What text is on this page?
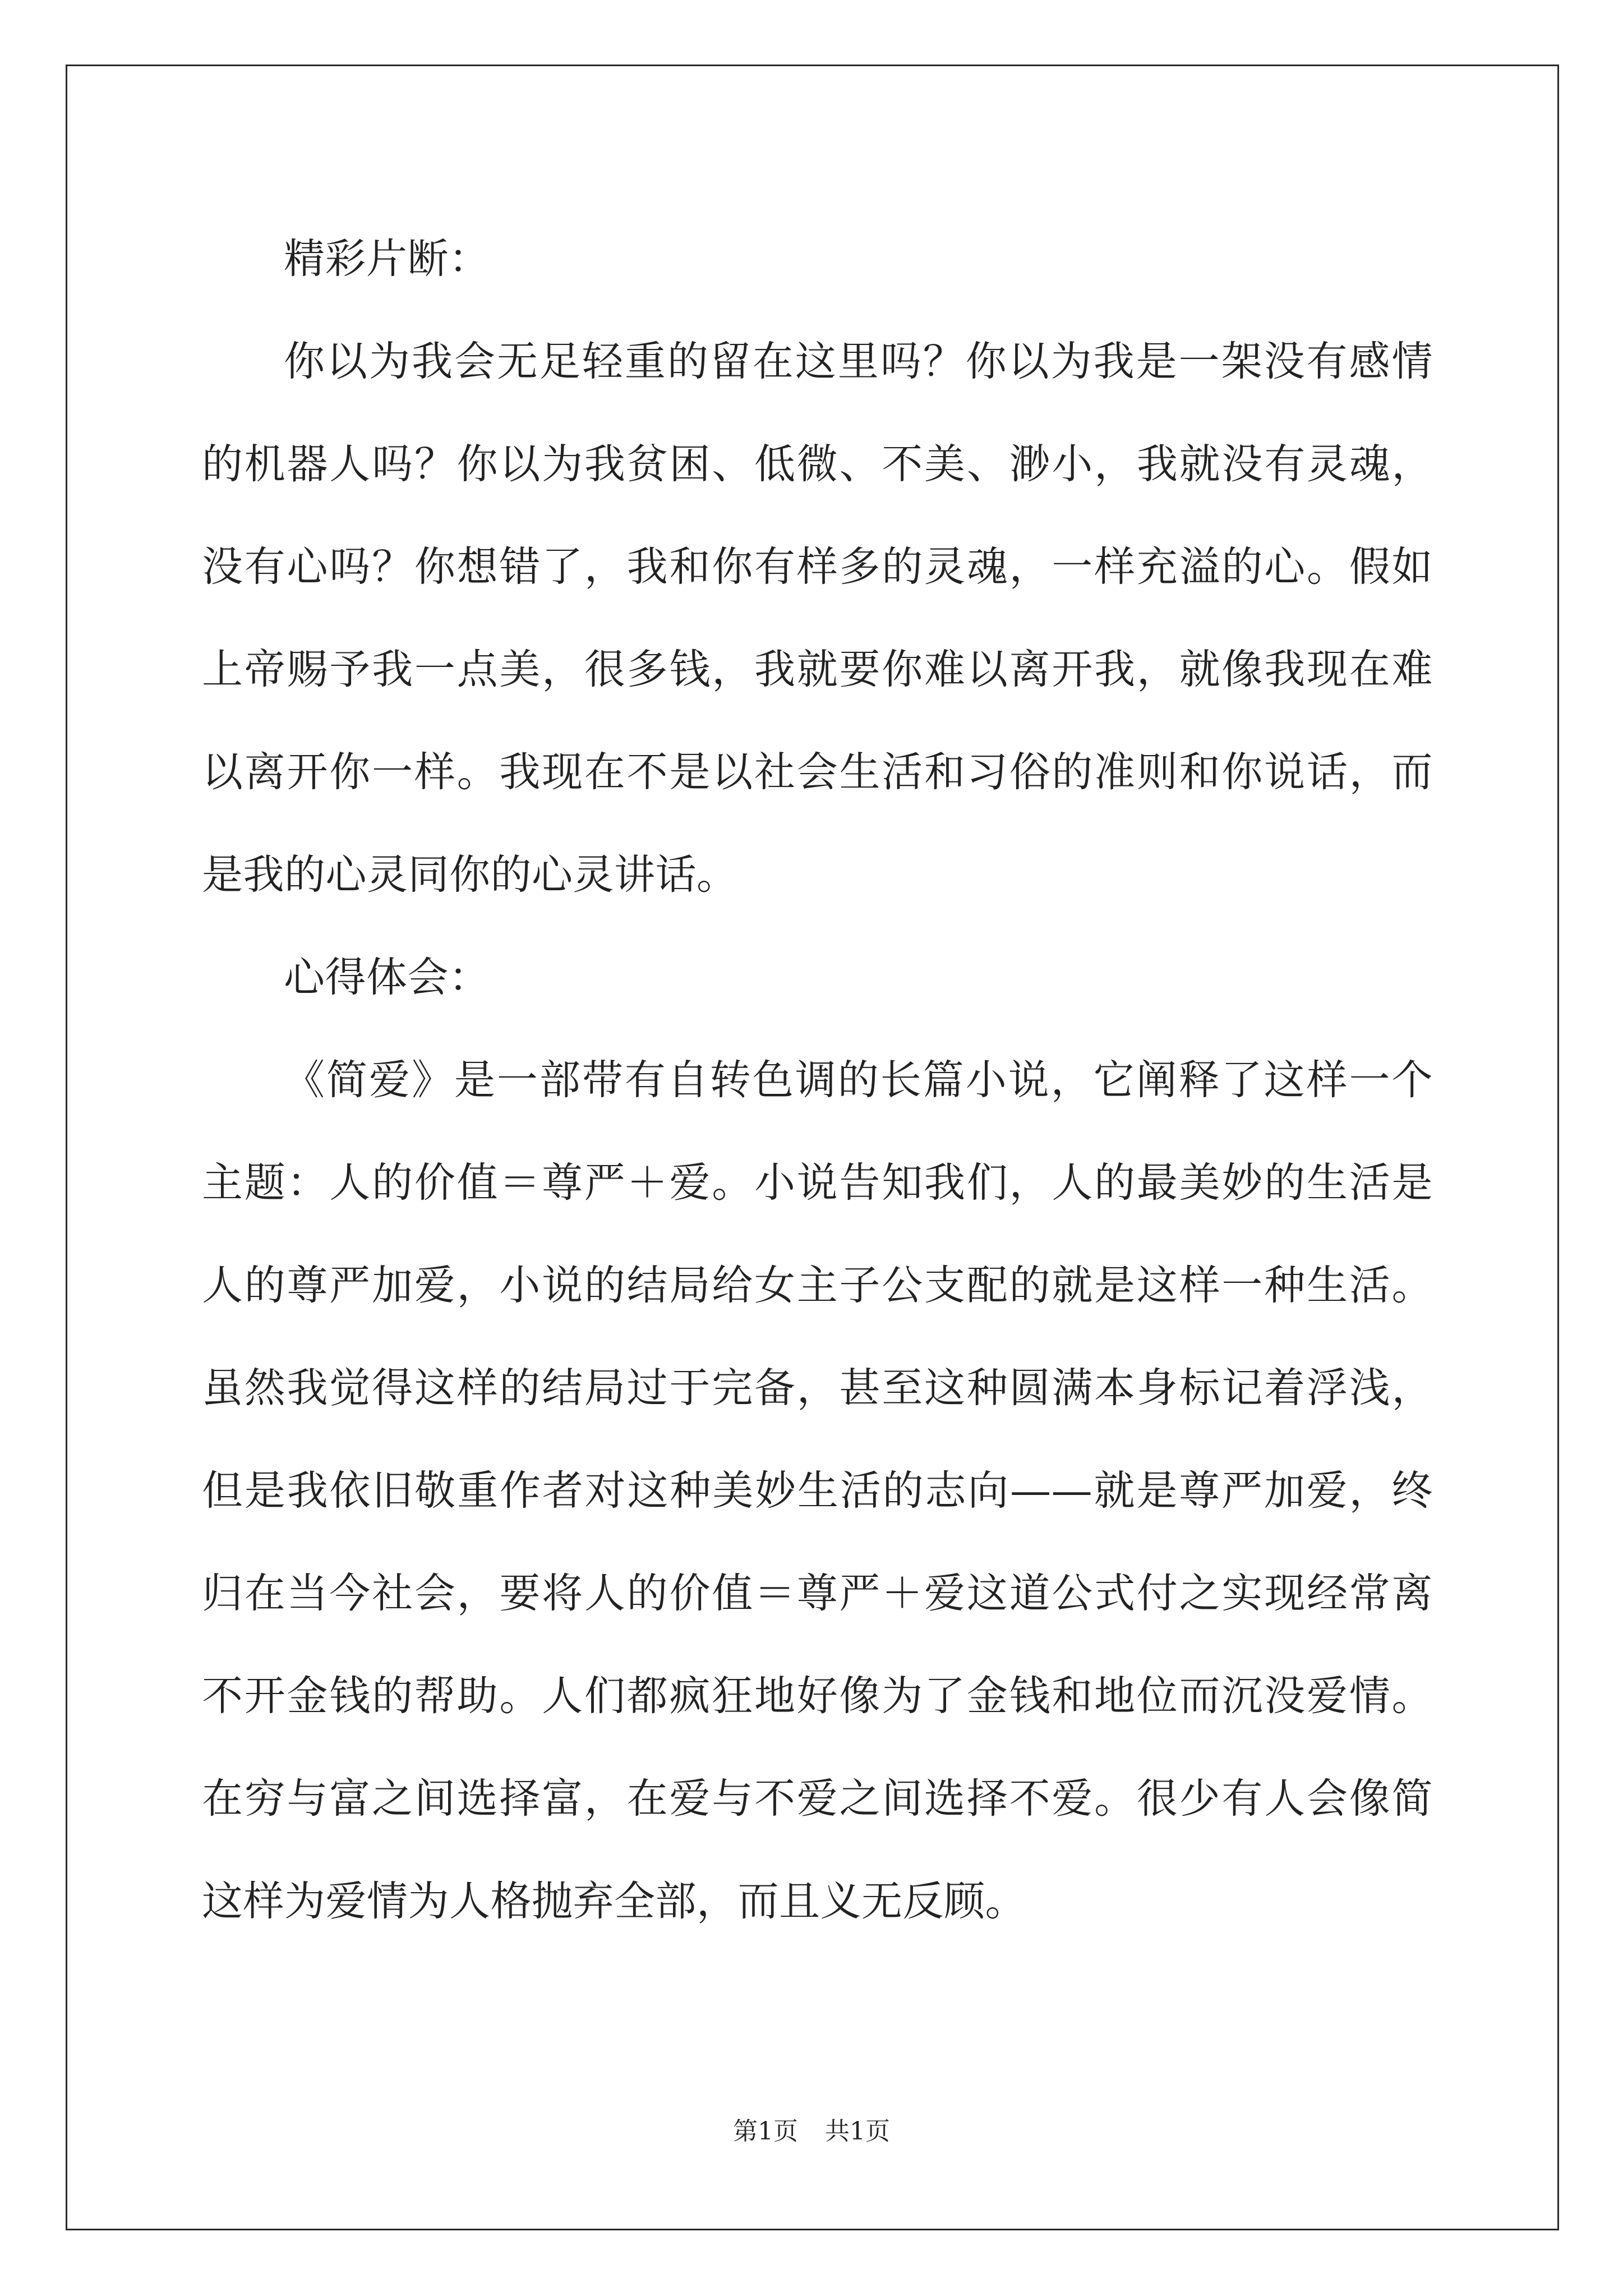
精彩片断：

你以为我会无足轻重的留在这里吗？你以为我是一架没有感情的机器人吗？你以为我贫困、低微、不美、渺小，我就没有灵魂，没有心吗？你想错了，我和你有样多的灵魂，一样充溢的心。假如上帝赐予我一点美，很多钱，我就要你难以离开我，就像我现在难以离开你一样。我现在不是以社会生活和习俗的准则和你说话，而是我的心灵同你的心灵讲话。

心得体会：

《简爱》是一部带有自转色调的长篇小说，它阐释了这样一个主题：人的价值＝尊严＋爱。小说告知我们，人的最美妙的生活是人的尊严加爱，小说的结局给女主子公支配的就是这样一种生活。虽然我觉得这样的结局过于完备，甚至这种圆满本身标记着浮浅，但是我依旧敬重作者对这种美妙生活的志向——就是尊严加爱，终归在当今社会，要将人的价值＝尊严＋爱这道公式付之实现经常离不开金钱的帮助。人们都疯狂地好像为了金钱和地位而沉没爱情。在穷与富之间选择富，在爱与不爱之间选择不爱。很少有人会像简这样为爱情为人格抛弃全部，而且义无反顾。

第1页 共1页
